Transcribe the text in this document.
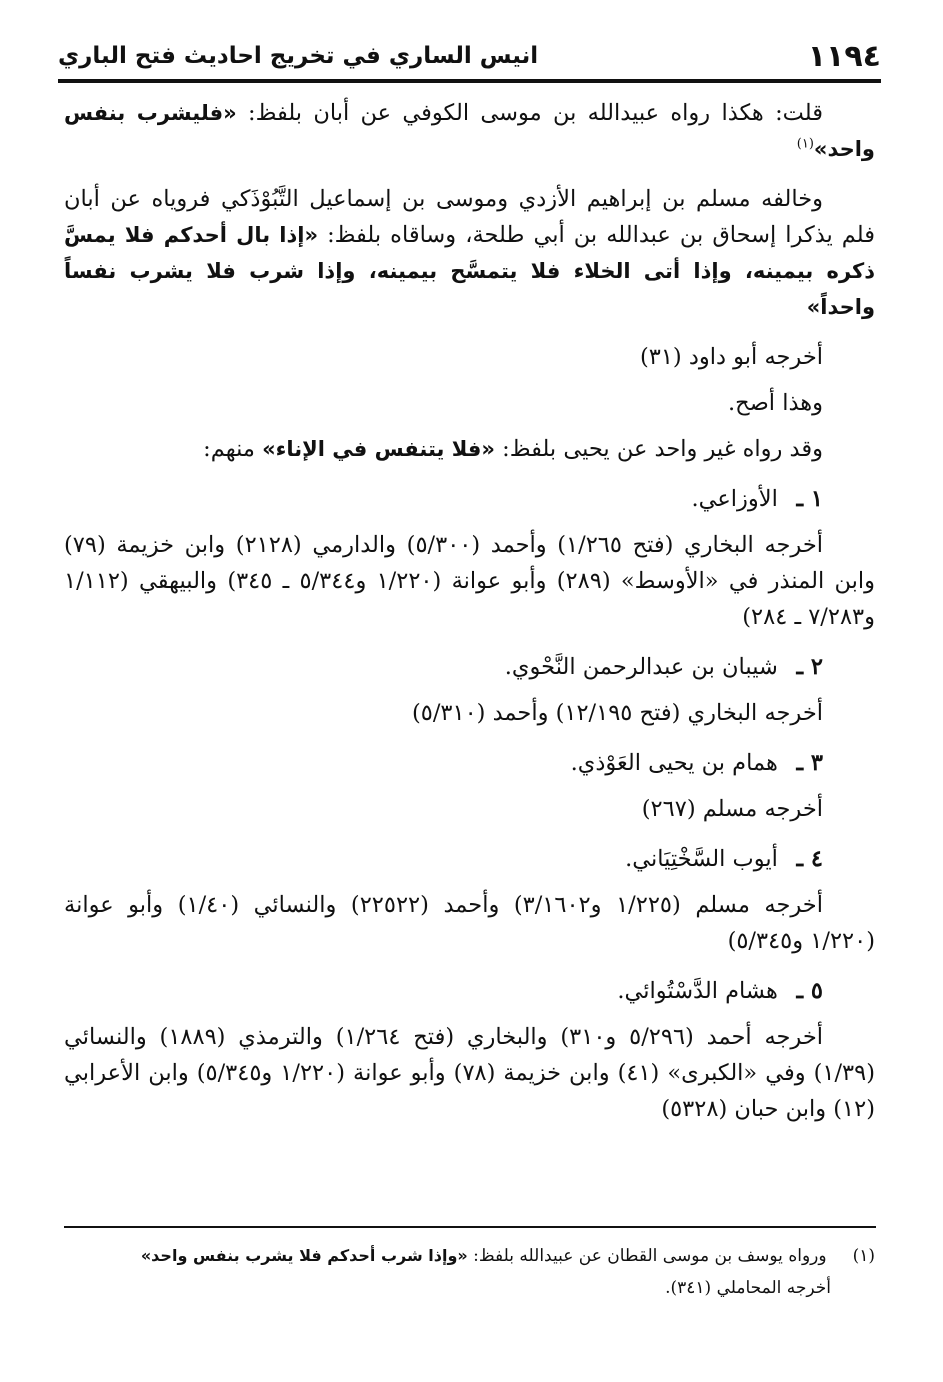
١١٩٤
انيس الساري في تخريج احاديث فتح الباري

قلت: هكذا رواه عبيدالله بن موسى الكوفي عن أبان بلفظ: «فليشرب بنفس واحد»$^{(١)}$

وخالفه مسلم بن إبراهيم الأزدي وموسى بن إسماعيل التَّبُوْذَكي فروياه عن أبان فلم يذكرا إسحاق بن عبدالله بن أبي طلحة، وساقاه بلفظ: «إذا بال أحدكم فلا يمسَّ ذكره بيمينه، وإذا أتى الخلاء فلا يتمسَّح بيمينه، وإذا شرب فلا يشرب نفساً واحداً»

أخرجه أبو داود (٣١)

وهذا أصح.

وقد رواه غير واحد عن يحيى بلفظ: «فلا يتنفس في الإناء» منهم:

١ ـ الأوزاعي.

أخرجه البخاري (فتح ١/٢٦٥) وأحمد (٥/٣٠٠) والدارمي (٢١٢٨) وابن خزيمة (٧٩) وابن المنذر في «الأوسط» (٢٨٩) وأبو عوانة (١/٢٢٠ و٥/٣٤٤ ـ ٣٤٥) والبيهقي (١/١١٢ و٧/٢٨٣ ـ ٢٨٤)

٢ ـ شيبان بن عبدالرحمن النَّحْوي.

أخرجه البخاري (فتح ١٢/١٩٥) وأحمد (٥/٣١٠)

٣ ـ همام بن يحيى العَوْذي.

أخرجه مسلم (٢٦٧)

٤ ـ أيوب السَّخْتِيَاني.

أخرجه مسلم (١/٢٢٥ و٣/١٦٠٢) وأحمد (٢٢٥٢٢) والنسائي (١/٤٠) وأبو عوانة (١/٢٢٠ و٥/٣٤٥)

٥ ـ هشام الدَّسْتُوائي.

أخرجه أحمد (٥/٢٩٦ و٣١٠) والبخاري (فتح ١/٢٦٤) والترمذي (١٨٨٩) والنسائي (١/٣٩) وفي «الكبرى» (٤١) وابن خزيمة (٧٨) وأبو عوانة (١/٢٢٠ و٥/٣٤٥) وابن الأعرابي (١٢) وابن حبان (٥٣٢٨)

(١)ورواه يوسف بن موسى القطان عن عبيدالله بلفظ: «وإذا شرب أحدكم فلا يشرب بنفس واحد»
أخرجه المحاملي (٣٤١).
